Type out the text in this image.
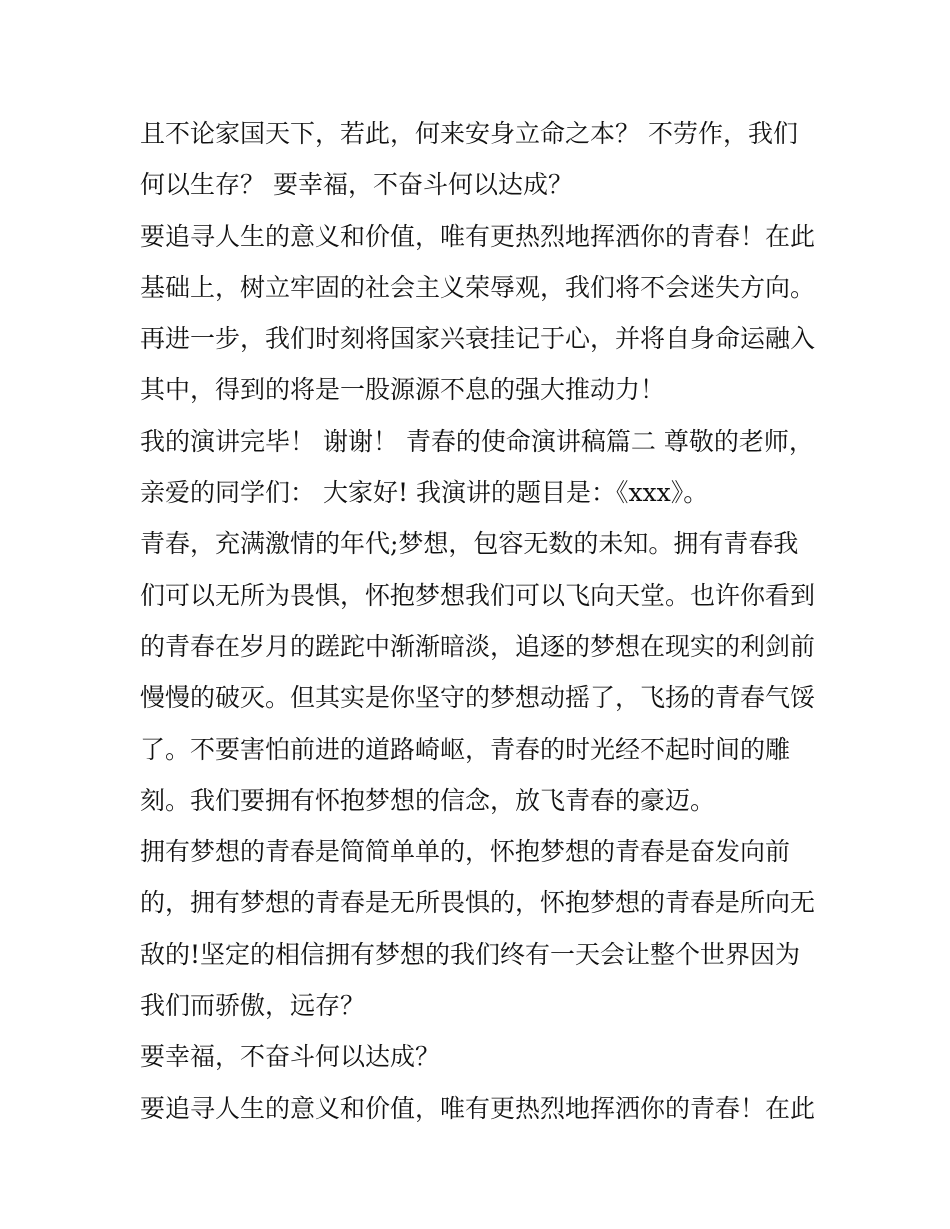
且不论家国天下，若此，何来安身立命之本？ 不劳作，我们
何以生存？ 要幸福，不奋斗何以达成？
要追寻人生的意义和价值，唯有更热烈地挥洒你的青春！在此
基础上，树立牢固的社会主义荣辱观，我们将不会迷失方向。
再进一步，我们时刻将国家兴衰挂记于心，并将自身命运融入
其中，得到的将是一股源源不息的强大推动力！
我的演讲完毕！ 谢谢！ 青春的使命演讲稿篇二 尊敬的老师，
亲爱的同学们： 大家好! 我演讲的题目是：《xxx》。
青春，充满激情的年代;梦想，包容无数的未知。拥有青春我
们可以无所为畏惧，怀抱梦想我们可以飞向天堂。也许你看到
的青春在岁月的蹉跎中渐渐暗淡，追逐的梦想在现实的利剑前
慢慢的破灭。但其实是你坚守的梦想动摇了，飞扬的青春气馁
了。不要害怕前进的道路崎岖，青春的时光经不起时间的雕
刻。我们要拥有怀抱梦想的信念，放飞青春的豪迈。
拥有梦想的青春是简简单单的，怀抱梦想的青春是奋发向前
的，拥有梦想的青春是无所畏惧的，怀抱梦想的青春是所向无
敌的!坚定的相信拥有梦想的我们终有一天会让整个世界因为
我们而骄傲，远存？
要幸福，不奋斗何以达成？
要追寻人生的意义和价值，唯有更热烈地挥洒你的青春！在此
